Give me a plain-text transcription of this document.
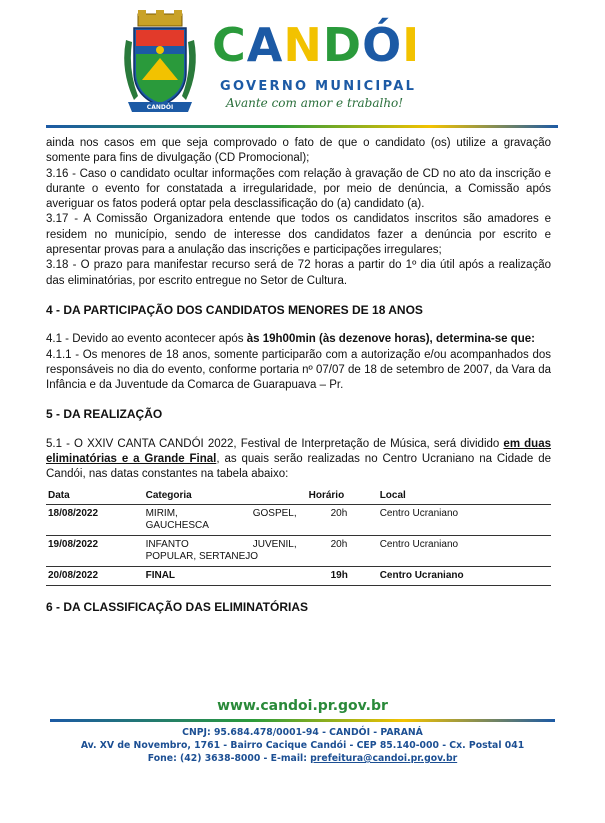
CANDÓI
CANDÓI
GOVERNO MUNICIPAL
Avante com amor e trabalho!

ainda nos casos em que seja comprovado o fato de que o candidato (os) utilize a gravação somente para fins de divulgação (CD Promocional);

3.16 - Caso o candidato ocultar informações com relação à gravação de CD no ato da inscrição e durante o evento for constatada a irregularidade, por meio de denúncia, a Comissão após averiguar os fatos poderá optar pela desclassificação do (a) candidato (a).

3.17 - A Comissão Organizadora entende que todos os candidatos inscritos são amadores e residem no município, sendo de interesse dos candidatos fazer a denúncia por escrito e apresentar provas para a anulação das inscrições e participações irregulares;

3.18 - O prazo para manifestar recurso será de 72 horas a partir do 1º dia útil após a realização das eliminatórias, por escrito entregue no Setor de Cultura.

4 - DA PARTICIPAÇÃO DOS CANDIDATOS MENORES DE 18 ANOS

4.1 - Devido ao evento acontecer após às 19h00min (às dezenove horas), determina-se que:

4.1.1 - Os menores de 18 anos, somente participarão com a autorização e/ou acompanhados dos responsáveis no dia do evento, conforme portaria nº 07/07 de 18 de setembro de 2007, da Vara da Infância e da Juventude da Comarca de Guarapuava – Pr.

5 - DA REALIZAÇÃO

5.1 - O XXIV CANTA CANDÓI 2022, Festival de Interpretação de Música, será dividido em duas eliminatórias e a Grande Final, as quais serão realizadas no Centro Ucraniano na Cidade de Candói, nas datas constantes na tabela abaixo:

Data	Categoria	Horário	Local
18/08/2022	MIRIM, GOSPEL,
GAUCHESCA	20h	Centro Ucraniano
19/08/2022	INFANTO JUVENIL,
POPULAR, SERTANEJO	20h	Centro Ucraniano
20/08/2022	FINAL	19h	Centro Ucraniano

6 - DA CLASSIFICAÇÃO DAS ELIMINATÓRIAS

www.candoi.pr.gov.br
CNPJ: 95.684.478/0001-94 - CANDÓI - PARANÁ
Av. XV de Novembro, 1761 - Bairro Cacique Candói - CEP 85.140-000 - Cx. Postal 041
Fone: (42) 3638-8000 - E-mail: prefeitura@candoi.pr.gov.br
